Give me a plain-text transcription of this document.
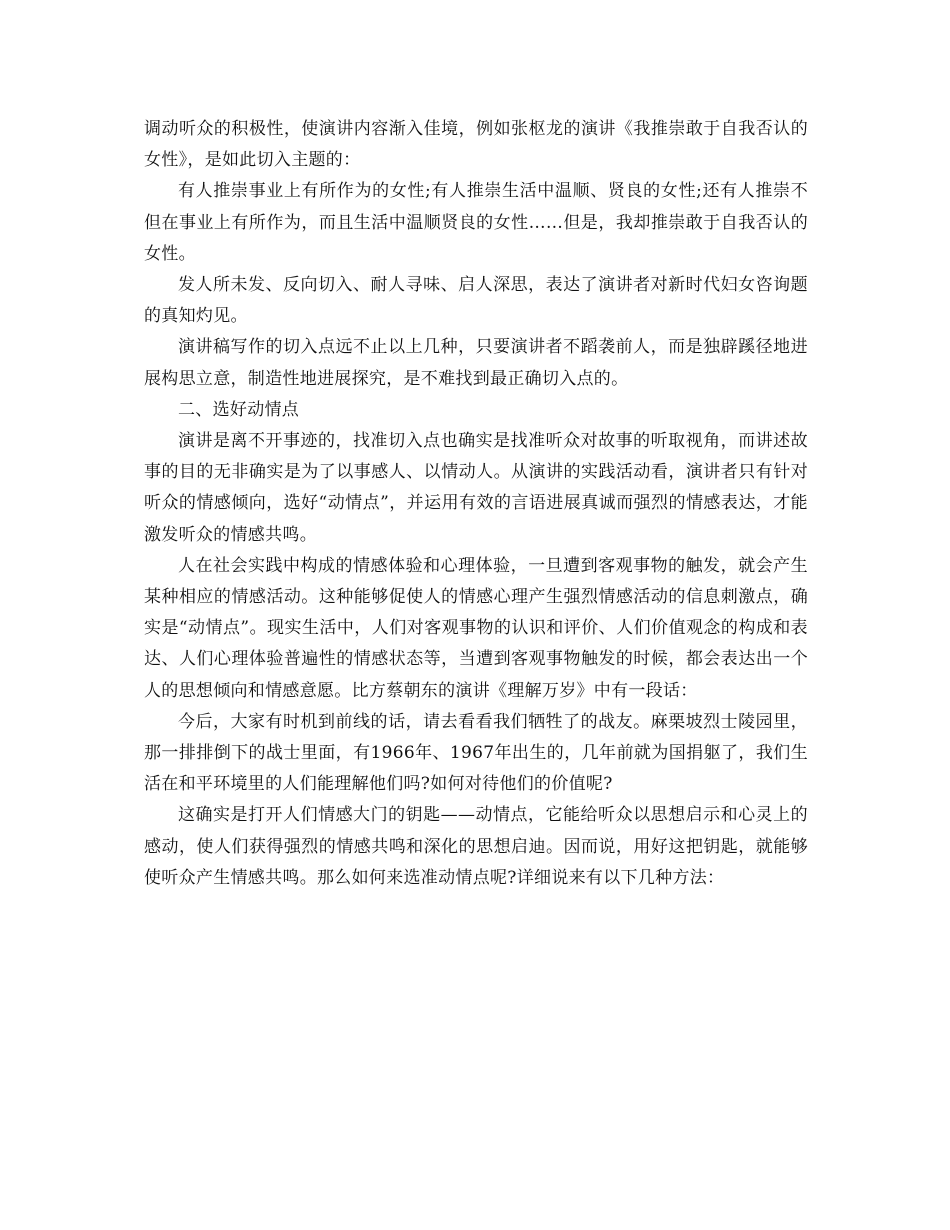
调动听众的积极性，使演讲内容渐入佳境，例如张枢龙的演讲《我推崇敢于自我否认的女性》，是如此切入主题的：

有人推崇事业上有所作为的女性;有人推崇生活中温顺、贤良的女性;还有人推崇不但在事业上有所作为，而且生活中温顺贤良的女性……但是，我却推崇敢于自我否认的女性。

发人所未发、反向切入、耐人寻味、启人深思，表达了演讲者对新时代妇女咨询题的真知灼见。

演讲稿写作的切入点远不止以上几种，只要演讲者不蹈袭前人，而是独辟蹊径地进展构思立意，制造性地进展探究，是不难找到最正确切入点的。

二、选好动情点

演讲是离不开事迹的，找准切入点也确实是找准听众对故事的听取视角，而讲述故事的目的无非确实是为了以事感人、以情动人。从演讲的实践活动看，演讲者只有针对听众的情感倾向，选好“动情点”，并运用有效的言语进展真诚而强烈的情感表达，才能激发听众的情感共鸣。

人在社会实践中构成的情感体验和心理体验，一旦遭到客观事物的触发，就会产生某种相应的情感活动。这种能够促使人的情感心理产生强烈情感活动的信息刺激点，确实是“动情点”。现实生活中，人们对客观事物的认识和评价、人们价值观念的构成和表达、人们心理体验普遍性的情感状态等，当遭到客观事物触发的时候，都会表达出一个人的思想倾向和情感意愿。比方蔡朝东的演讲《理解万岁》中有一段话：

今后，大家有时机到前线的话，请去看看我们牺牲了的战友。麻栗坡烈士陵园里，那一排排倒下的战士里面，有1966年、1967年出生的，几年前就为国捐躯了，我们生活在和平环境里的人们能理解他们吗?如何对待他们的价值呢?

这确实是打开人们情感大门的钥匙——动情点，它能给听众以思想启示和心灵上的感动，使人们获得强烈的情感共鸣和深化的思想启迪。因而说，用好这把钥匙，就能够使听众产生情感共鸣。那么如何来选准动情点呢?详细说来有以下几种方法：
